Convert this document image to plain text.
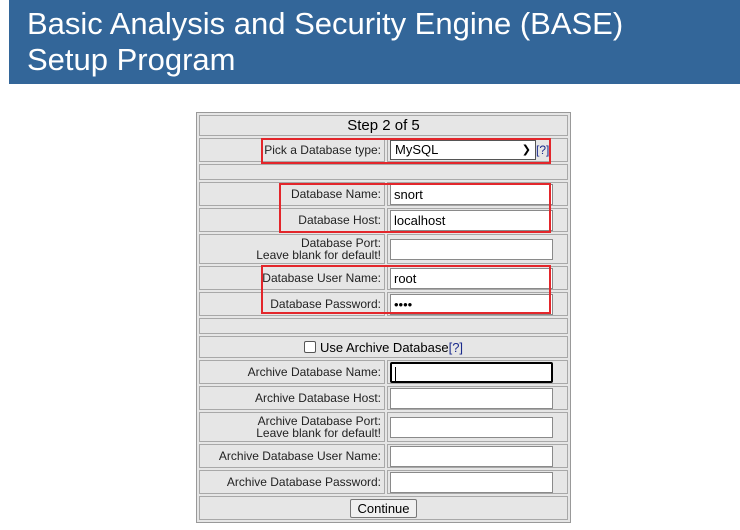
Basic Analysis and Security Engine (BASE)
Setup Program
Step 2 of 5	
Pick a Database type:	MySQL ❯ [?]

Database Name:	snort
Database Host:	localhost
Database Port:
Leave blank for default!	
Database User Name:	root
Database Password:	••••

Use Archive Database[?]	
Archive Database Name:	
Archive Database Host:	
Archive Database Port:
Leave blank for default!	
Archive Database User Name:	
Archive Database Password:	
Continue	
